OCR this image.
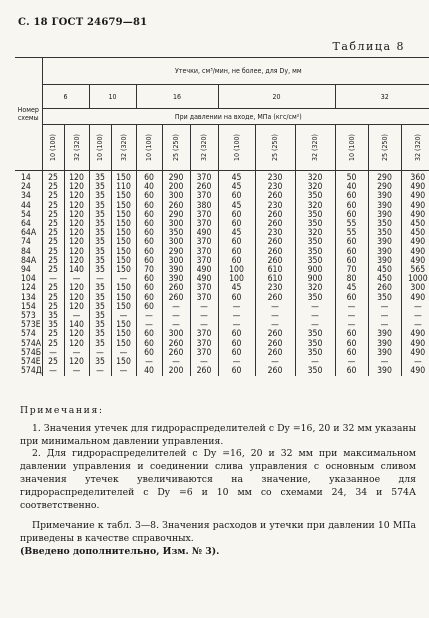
С. 18 ГОСТ 24679—81
Таблица 8
Номер схемы	Утечки, см³/мин, не более, для Dy, мм												

	6		10		16			20			32		

	При давлении на входе, МПа (кгс/см²)												

	10 (100)	32 (320)	10 (100)	32 (320)	10 (100)	25 (250)	32 (320)	10 (100)	25 (250)	32 (320)	10 (100)	25 (250)	32 (320)

14	25	120	35	150	60	290	370	45	230	320	50	290	360
24	25	120	35	110	40	200	260	45	230	320	40	290	490
34	25	120	35	150	60	300	370	60	260	350	60	390	490
44	25	120	35	150	60	260	380	45	230	320	60	390	490
54	25	120	35	150	60	290	370	60	260	350	60	390	490
64	25	120	35	150	60	300	370	60	260	350	55	350	450
64А	25	120	35	150	60	350	490	45	230	320	55	350	450
74	25	120	35	150	60	300	370	60	260	350	60	390	490
84	25	120	35	150	60	290	370	60	260	350	60	390	490
84А	25	120	35	150	60	300	370	60	260	350	60	390	490
94	25	140	35	150	70	390	490	100	610	900	70	450	565
104	—	—	—	—	60	390	490	100	610	900	80	450	1000
124	25	120	35	150	60	260	370	45	230	320	45	260	300
134	25	120	35	150	60	260	370	60	260	350	60	350	490
154	25	120	35	150	60	—	—	—	—	—	—	—	—
573	35	—	35	—	—	—	—	—	—	—	—	—	—
573Е	35	140	35	150	—	—	—	—	—	—	—	—	—
574	25	120	35	150	60	300	370	60	260	350	60	390	490
574А	25	120	35	150	60	260	370	60	260	350	60	390	490
574Б	—	—	—	—	60	260	370	60	260	350	60	390	490
574Е	25	120	35	150	—	—	—	—	—	—	—	—	—
574Д	—	—	—	—	40	200	260	60	260	350	60	390	490

Примечания:

1. Значения утечек для гидрораспределителей с Dy =16, 20 и 32 мм указаны при минимальном давлении управления.

2. Для гидрораспределителей с Dy =16, 20 и 32 мм при максимальном давлении управления и соединении слива управления с основным сливом значения утечек увеличиваются на значение, указанное для гидрораспределителей с Dy =6 и 10 мм со схемами 24, 34 и 574А соответственно.

Примечание к табл. 3—8. Значения расходов и утечки при давлении 10 МПа приведены в качестве справочных.

(Введено дополнительно, Изм. № 3).
